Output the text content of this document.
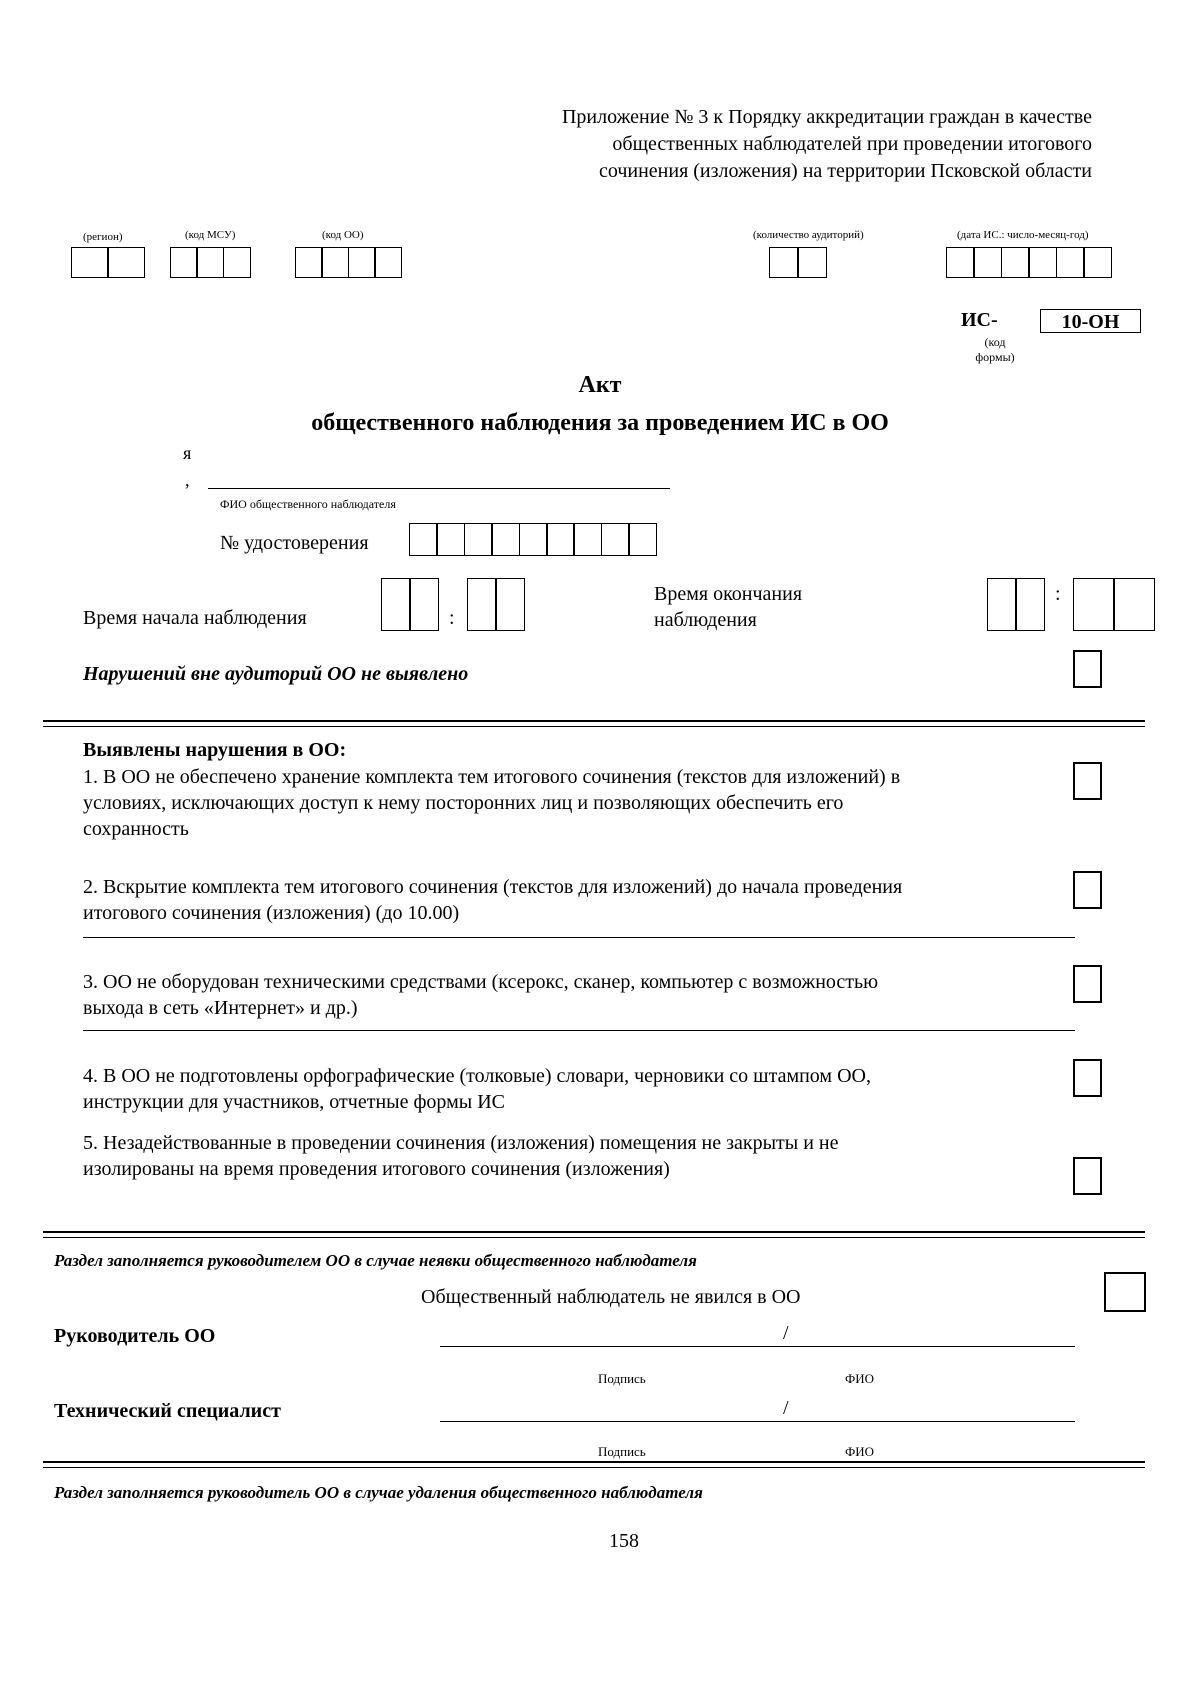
Приложение № 3 к Порядку аккредитации граждан в качестве
общественных наблюдателей при проведении итогового
сочинения (изложения) на территории Псковской области
(регион)	(код МСУ)	(код ОО)	(количество аудиторий)	(дата ИС.: число-месяц-год)
ИС-	10-ОН
(код
формы)
Акт
общественного наблюдения за проведением ИС в ОО
я
,
ФИО общественного наблюдателя
№ удостоверения
Время начала наблюдения	:
Время окончания
наблюдения
:
Нарушений вне аудиторий ОО не выявлено
Выявлены нарушения в ОО:
1. В ОО не обеспечено хранение комплекта тем итогового сочинения (текстов для изложений) в
условиях, исключающих доступ к нему посторонних лиц и позволяющих обеспечить его
сохранность
2. Вскрытие комплекта тем итогового сочинения (текстов для изложений) до начала проведения
итогового сочинения (изложения) (до 10.00)
3. ОО не оборудован техническими средствами (ксерокс, сканер, компьютер с возможностью
выхода в сеть «Интернет» и др.)
4. В ОО не подготовлены орфографические (толковые) словари, черновики со штампом ОО,
инструкции для участников, отчетные формы ИС
5. Незадействованные в проведении сочинения (изложения) помещения не закрыты и не
изолированы на время проведения итогового сочинения (изложения)
Раздел заполняется руководителем ОО в случае неявки общественного наблюдателя
Общественный наблюдатель не явился в ОО
Руководитель ОО	/
Подпись	ФИО
Технический специалист	/
Подпись	ФИО
Раздел заполняется руководитель ОО в случае удаления общественного наблюдателя
158
